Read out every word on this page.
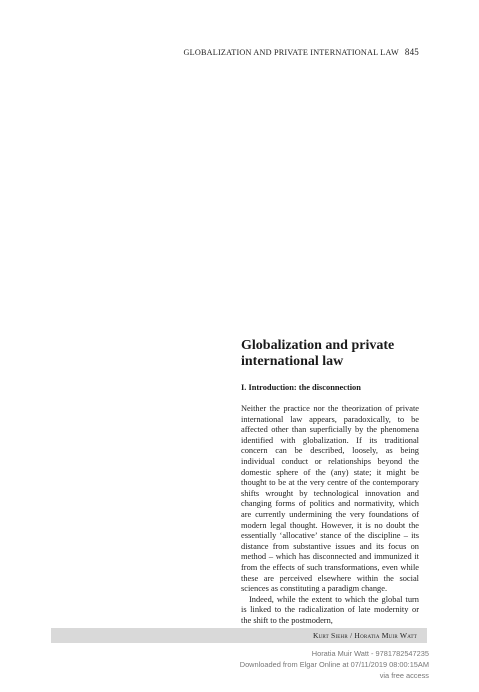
GLOBALIZATION AND PRIVATE INTERNATIONAL LAW 845
Globalization and private international law
I. Introduction: the disconnection

Neither the practice nor the theorization of private international law appears, paradoxically, to be affected other than superficially by the phenomena identified with globalization. If its traditional concern can be described, loosely, as being individual conduct or relationships beyond the domestic sphere of the (any) state; it might be thought to be at the very centre of the contemporary shifts wrought by technological innovation and changing forms of politics and normativity, which are currently undermining the very foundations of modern legal thought. However, it is no doubt the essentially ‘allocative’ stance of the discipline – its distance from substantive issues and its focus on method – which has disconnected and immunized it from the effects of such transformations, even while these are perceived elsewhere within the social sciences as constituting a paradigm change.

Indeed, while the extent to which the global turn is linked to the radicalization of late modernity or the shift to the postmodern,

Kurt Siehr / Horatia Muir Watt
Horatia Muir Watt - 9781782547235
Downloaded from Elgar Online at 07/11/2019 08:00:15AM
via free access
